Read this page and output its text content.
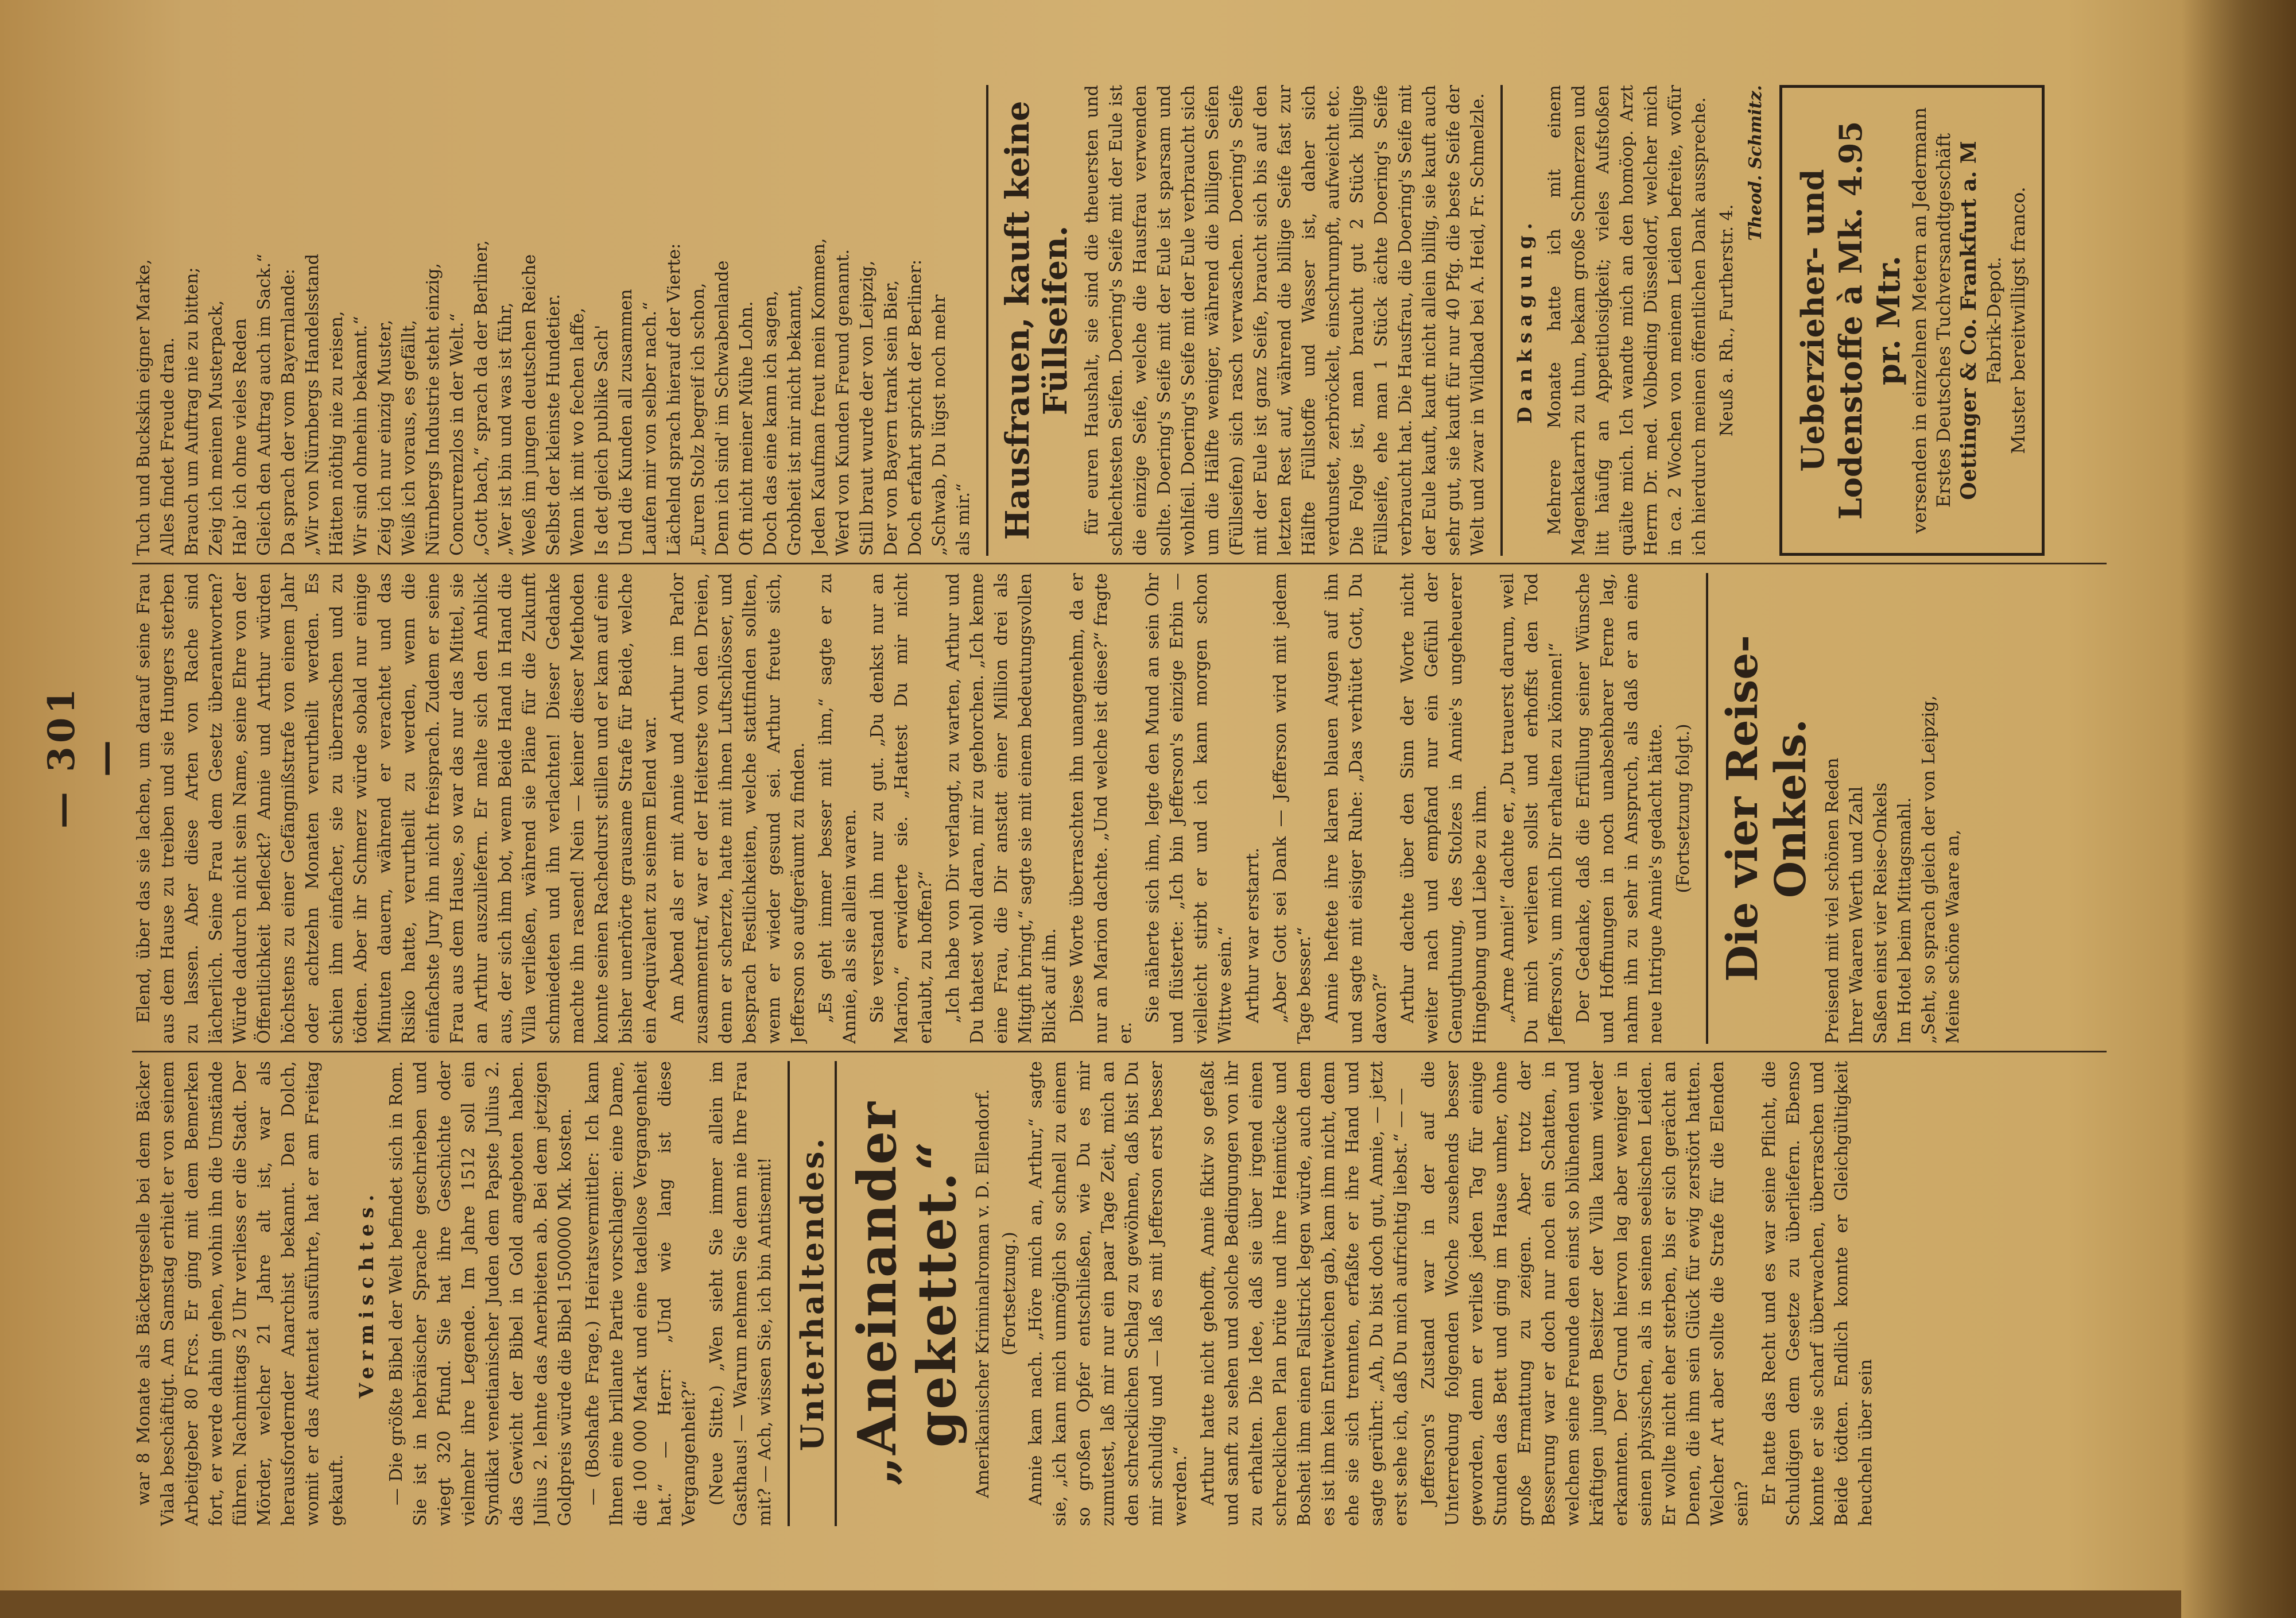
— 301 —

war 8 Monate als Bäckergeselle bei dem Bäcker Viala beschäftigt. Am Samstag erhielt er von seinem Arbeitgeber 80 Frcs. Er ging mit dem Bemerken fort, er werde dahin gehen, wohin ihn die Umstände führen. Nachmittags 2 Uhr verliess er die Stadt. Der Mörder, welcher 21 Jahre alt ist, war als herausfordernder Anarchist bekannt. Den Dolch, womit er das Attentat ausführte, hat er am Freitag gekauft.

Vermischtes. — Die größte Bibel der Welt befindet sich in Rom. Sie ist in hebräischer Sprache geschrieben und wiegt 320 Pfund. Sie hat ihre Geschichte oder vielmehr ihre Legende. Im Jahre 1512 soll ein Syndikat venetianischer Juden dem Papste Julius 2. das Gewicht der Bibel in Gold angeboten haben. Julius 2. lehnte das Anerbieten ab. Bei dem jetzigen Goldpreis würde die Bibel 1500000 Mk. kosten. — (Boshafte Frage.) Heiratsvermittler: Ich kann Ihnen eine brillante Partie vorschlagen: eine Dame, die 100 000 Mark und eine tadellose Vergangenheit hat.“ — Herr: „Und wie lang ist diese Vergangenheit?“ (Neue Sitte.) „Wen sieht Sie immer allein im Gasthaus! — Warum nehmen Sie denn nie Ihre Frau mit? — Ach, wissen Sie, ich bin Antisemit! Unterhaltendes. „Aneinander gekettet.“ Amerikanischer Kriminalroman v. D. Ellendorf. (Fortsetzung.) Annie kam nach. „Höre mich an, Arthur,“ sagte sie, „ich kann mich unmöglich so schnell zu einem so großen Opfer entschließen, wie Du es mir zumutest, laß mir nur ein paar Tage Zeit, mich an den schrecklichen Schlag zu gewöhnen, daß bist Du mir schuldig und — laß es mit Jefferson erst besser werden.“ Arthur hatte nicht gehofft, Annie fiktiv so gefaßt und sanft zu sehen und solche Bedingungen von ihr zu erhalten. Die Idee, daß sie über irgend einen schrecklichen Plan brüte und ihre Heimtücke und Bosheit ihm einen Fallstrick legen würde, auch dem es ist ihm kein Entweichen gab, kam ihm nicht, denn ehe sie sich trennten, erfaßte er ihre Hand und sagte gerührt: „Ah, Du bist doch gut, Annie, — jetzt erst sehe ich, daß Du mich aufrichtig liebst.“ — — Jefferson's Zustand war in der auf die Unterredung folgenden Woche zusehends besser geworden, denn er verließ jeden Tag für einige Stunden das Bett und ging im Hause umher, ohne große Ermattung zu zeigen. Aber trotz der Besserung war er doch nur noch ein Schatten, in welchem seine Freunde den einst so blühenden und kräftigen jungen Besitzer der Villa kaum wieder erkannten. Der Grund hiervon lag aber weniger in seinen physischen, als in seinen seelischen Leiden. Er wollte nicht eher sterben, bis er sich gerächt an Denen, die ihm sein Glück für ewig zerstört hatten. Welcher Art aber sollte die Strafe für die Elenden sein? Er hatte das Recht und es war seine Pflicht, die Schuldigen dem Gesetze zu überliefern. Ebenso konnte er sie scharf überwachen, überraschen und Beide tödten. Endlich konnte er Gleichgültigkeit heucheln über sein

Elend, über das sie lachen, um darauf seine Frau aus dem Hause zu treiben und sie Hungers sterben zu lassen. Aber diese Arten von Rache sind lächerlich. Seine Frau dem Gesetz überantworten? Würde dadurch nicht sein Name, seine Ehre von der Öffentlichkeit befleckt? Annie und Arthur würden höchstens zu einer Gefängnißstrafe von einem Jahr oder achtzehn Monaten verurtheilt werden. Es schien ihm einfacher, sie zu überraschen und zu tödten. Aber ihr Schmerz würde sobald nur einige Minuten dauern, während er verachtet und das Risiko hatte, verurtheilt zu werden, wenn die einfachste Jury ihn nicht freisprach. Zudem er seine Frau aus dem Hause, so war das nur das Mittel, sie an Arthur auszuliefern. Er malte sich den Anblick aus, der sich ihm bot, wenn Beide Hand in Hand die Villa verließen, während sie Pläne für die Zukunft schmiedeten und ihn verlachten! Dieser Gedanke machte ihn rasend! Nein — keiner dieser Methoden konnte seinen Rachedurst stillen und er kam auf eine bisher unerhörte grausame Strafe für Beide, welche ein Aequivalent zu seinem Elend war. Am Abend als er mit Annie und Arthur im Parlor zusammentraf, war er der Heiterste von den Dreien, denn er scherzte, hatte mit ihnen Luftschlösser, und besprach Festlichkeiten, welche stattfinden sollten, wenn er wieder gesund sei. Arthur freute sich, Jefferson so aufgeräumt zu finden. „Es geht immer besser mit ihm,“ sagte er zu Annie, als sie allein waren. Sie verstand ihn nur zu gut. „Du denkst nur an Marion,“ erwiderte sie. „Hattest Du mir nicht erlaubt, zu hoffen?“ „Ich habe von Dir verlangt, zu warten, Arthur und Du thatest wohl daran, mir zu gehorchen. „Ich kenne eine Frau, die Dir anstatt einer Million drei als Mitgift bringt,“ sagte sie mit einem bedeutungsvollen Blick auf ihn. Diese Worte überraschten ihn unangenehm, da er nur an Marion dachte. „Und welche ist diese?“ fragte er.

Sie näherte sich ihm, legte den Mund an sein Ohr und flüsterte: „Ich bin Jefferson's einzige Erbin — vielleicht stirbt er und ich kann morgen schon Wittwe sein.“ Arthur war erstarrt. „Aber Gott sei Dank — Jefferson wird mit jedem Tage besser.“ Annie heftete ihre klaren blauen Augen auf ihn und sagte mit eisiger Ruhe: „Das verhütet Gott, Du davon?“ Arthur dachte über den Sinn der Worte nicht weiter nach und empfand nur ein Gefühl der Genugthuung, des Stolzes in Annie's ungeheuerer Hingebung und Liebe zu ihm. „Arme Annie!“ dachte er, „Du trauerst darum, weil Du mich verlieren sollst und erhoffst den Tod Jefferson's, um mich Dir erhalten zu können!“ Der Gedanke, daß die Erfüllung seiner Wünsche und Hoffnungen in noch unabsehbarer Ferne lag, nahm ihn zu sehr in Anspruch, als daß er an eine neue Intrigue Annie's gedacht hätte. (Fortsetzung folgt.) Die vier Reise-Onkels. Preisend mit viel schönen Reden Ihrer Waaren Werth und Zahl Saßen einst vier Reise-Onkels Im Hotel beim Mittagsmahl. „Seht, so sprach gleich der von Leipzig, Meine schöne Waare an,

Tuch und Buckskin eigner Marke, Alles findet Freude dran. Brauch um Auftrag nie zu bitten; Zeig ich meinen Musterpack, Hab' ich ohne vieles Reden Gleich den Auftrag auch im Sack.“ Da sprach der vom Bayernlande: „Wir von Nürnbergs Handelsstand Hätten nöthig nie zu reisen, Wir sind ohnehin bekannt.“ Zeig ich nur einzig Muster, Weiß ich voraus, es gefällt, Nürnbergs Industrie steht einzig, Concurrenzlos in der Welt.“ „Gott bach,“ sprach da der Berliner, „Wer ist bin und was ist führ, Weeß im jungen deutschen Reiche Selbst der kleinste Hundetier. Wenn ik mit wo fechen laffe, Is det gleich publike Sach' Und die Kunden all zusammen Laufen mir von selber nach.“ Lächelnd sprach hierauf der Vierte: „Euren Stolz begreif ich schon, Denn ich sind' im Schwabenlande Oft nicht meiner Mühe Lohn. Doch das eine kann ich sagen, Grobheit ist mir nicht bekannt, Jeden Kaufman freut mein Kommen, Werd von Kunden Freund genannt. Still braut wurde der von Leipzig, Der von Bayern trank sein Bier, Doch erfahrt spricht der Berliner: „Schwab, Du lügst noch mehr als mir.“ Hausfrauen, kauft keine Füllseifen. für euren Haushalt, sie sind die theuersten und schlechtesten Seifen. Doering's Seife mit der Eule ist die einzige Seife, welche die Hausfrau verwenden sollte. Doering's Seife mit der Eule ist sparsam und wohlfeil. Doering's Seife mit der Eule verbraucht sich um die Hälfte weniger, während die billigen Seifen (Füllseifen) sich rasch verwaschen. Doering's Seife mit der Eule ist ganz Seife, braucht sich bis auf den letzten Rest auf, während die billige Seife fast zur Hälfte Füllstoffe und Wasser ist, daher sich verdunstet, zerbröckelt, einschrumpft, aufweicht etc. Die Folge ist, man braucht gut 2 Stück billige Füllseife, ehe man 1 Stück ächte Doering's Seife verbraucht hat. Die Hausfrau, die Doering's Seife mit der Eule kauft, kauft nicht allein billig, sie kauft auch sehr gut, sie kauft für nur 40 Pfg. die beste Seife der Welt und zwar in Wildbad bei A. Heid, Fr. Schmelzle. Danksagung. Mehrere Monate hatte ich mit einem Magenkatarrh zu thun, bekam große Schmerzen und litt häufig an Appetitlosigkeit; vieles Aufstoßen quälte mich. Ich wandte mich an den homöop. Arzt Herrn Dr. med. Volbeding Düsseldorf, welcher mich in ca. 2 Wochen von meinem Leiden befreite, wofür ich hierdurch meinen öffentlichen Dank ausspreche. Neuß a. Rh., Furtherstr. 4.

Theod. Schmitz.

Ueberzieher- und Lodenstoffe à Mk. 4.95 pr. Mtr. versenden in einzelnen Metern an Jedermann Erstes Deutsches Tuchversandtgeschäft Oettinger & Co. Frankfurt a. M Fabrik-Depot. Muster bereitwilligst franco.
